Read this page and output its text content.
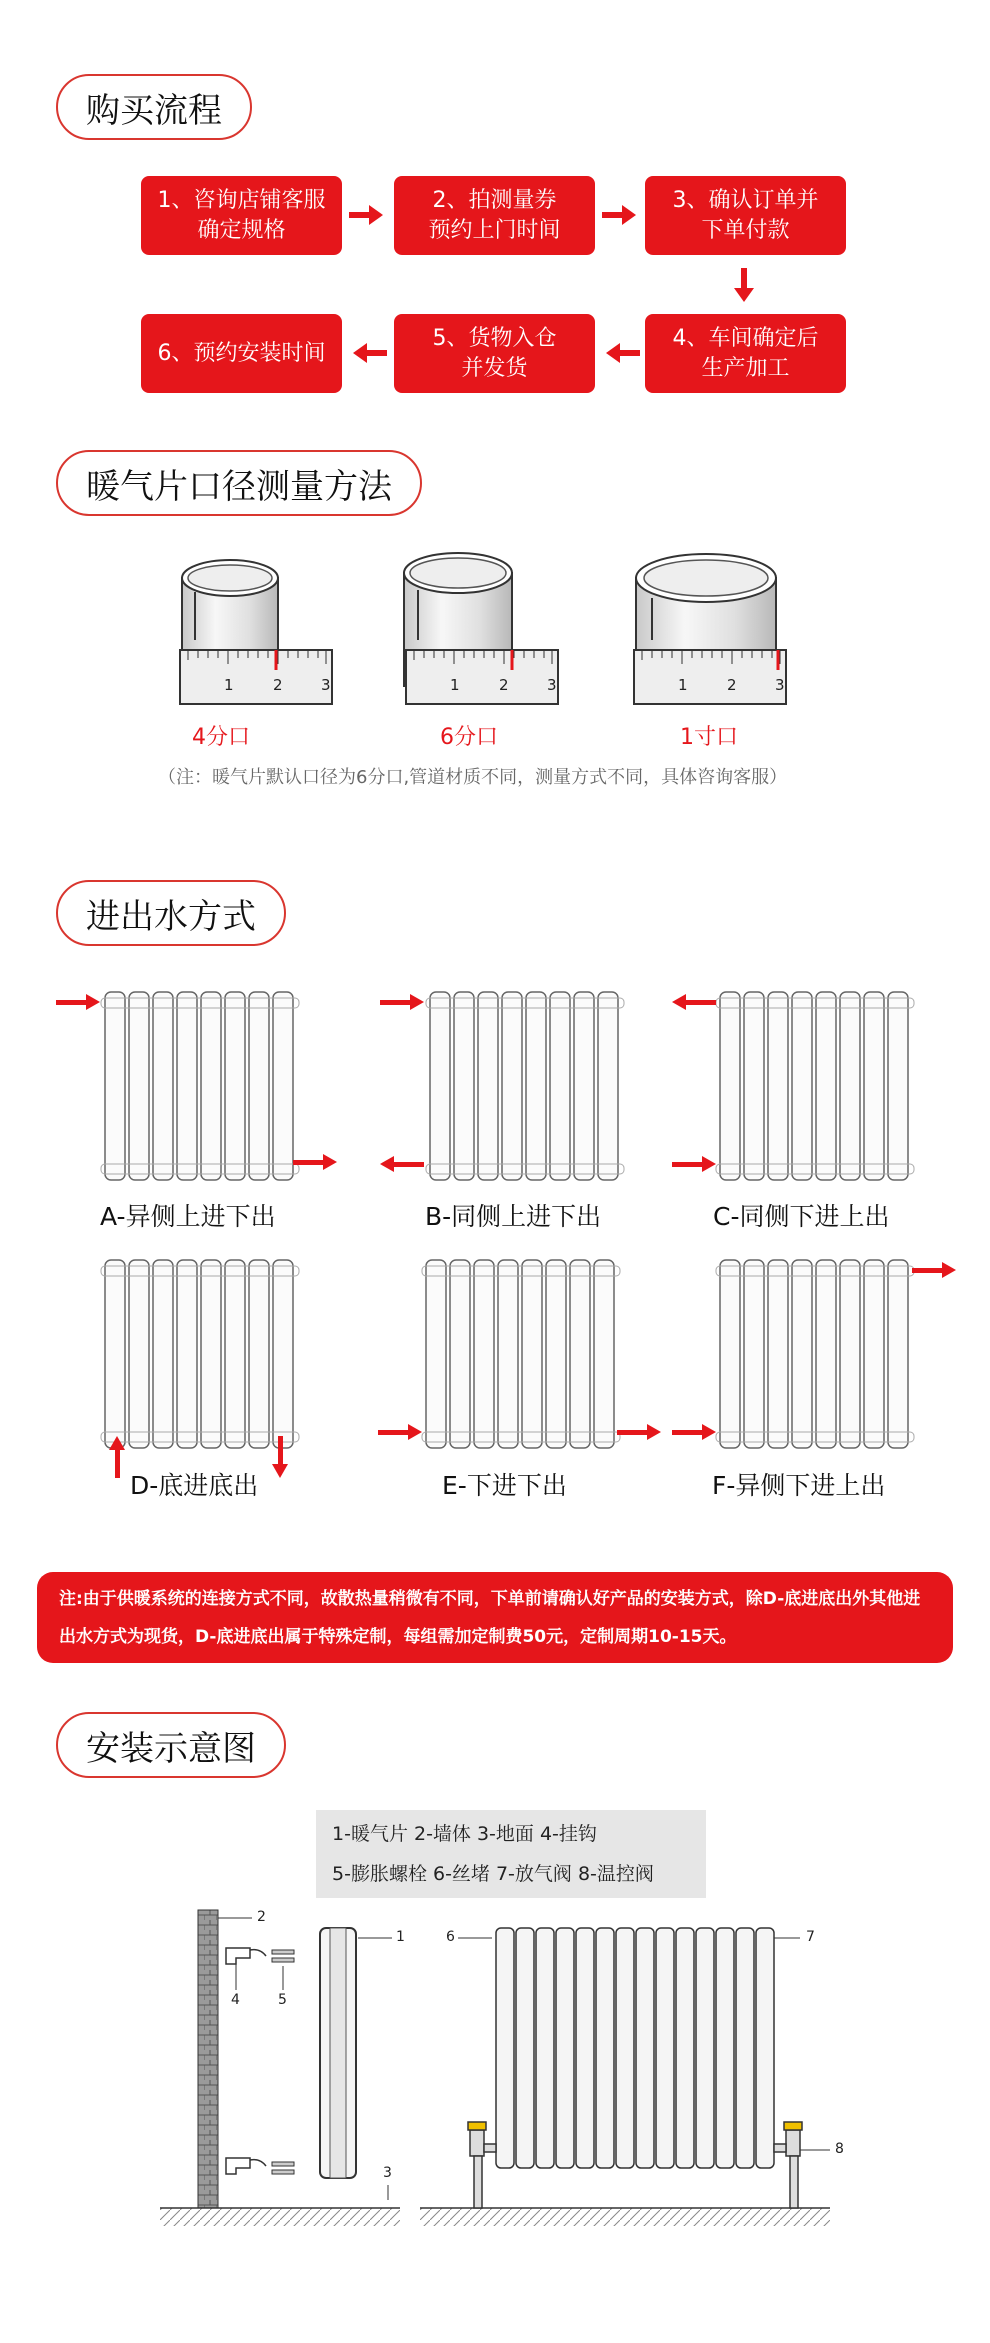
购买流程
1、咨询店铺客服
确定规格
2、拍测量券
预约上门时间
3、确认订单并
下单付款
4、车间确定后
生产加工
5、货物入仓
并发货
6、预约安装时间
暖气片口径测量方法
1	2	3	1	2	3	1	2	3
4分口	6分口	1寸口
（注：暖气片默认口径为6分口,管道材质不同，测量方式不同，具体咨询客服）
进出水方式
A-异侧上进下出	B-同侧上进下出	C-同侧下进上出
D-底进底出	E-下进下出	F-异侧下进上出
注:由于供暖系统的连接方式不同，故散热量稍微有不同，下单前请确认好产品的安装方式，除D-底进底出外其他进出水方式为现货，D-底进底出属于特殊定制，每组需加定制费50元，定制周期10-15天。
安装示意图
1-暖气片 2-墙体 3-地面 4-挂钩
5-膨胀螺栓 6-丝堵 7-放气阀 8-温控阀
2
1
4	5
3
6	7
8
